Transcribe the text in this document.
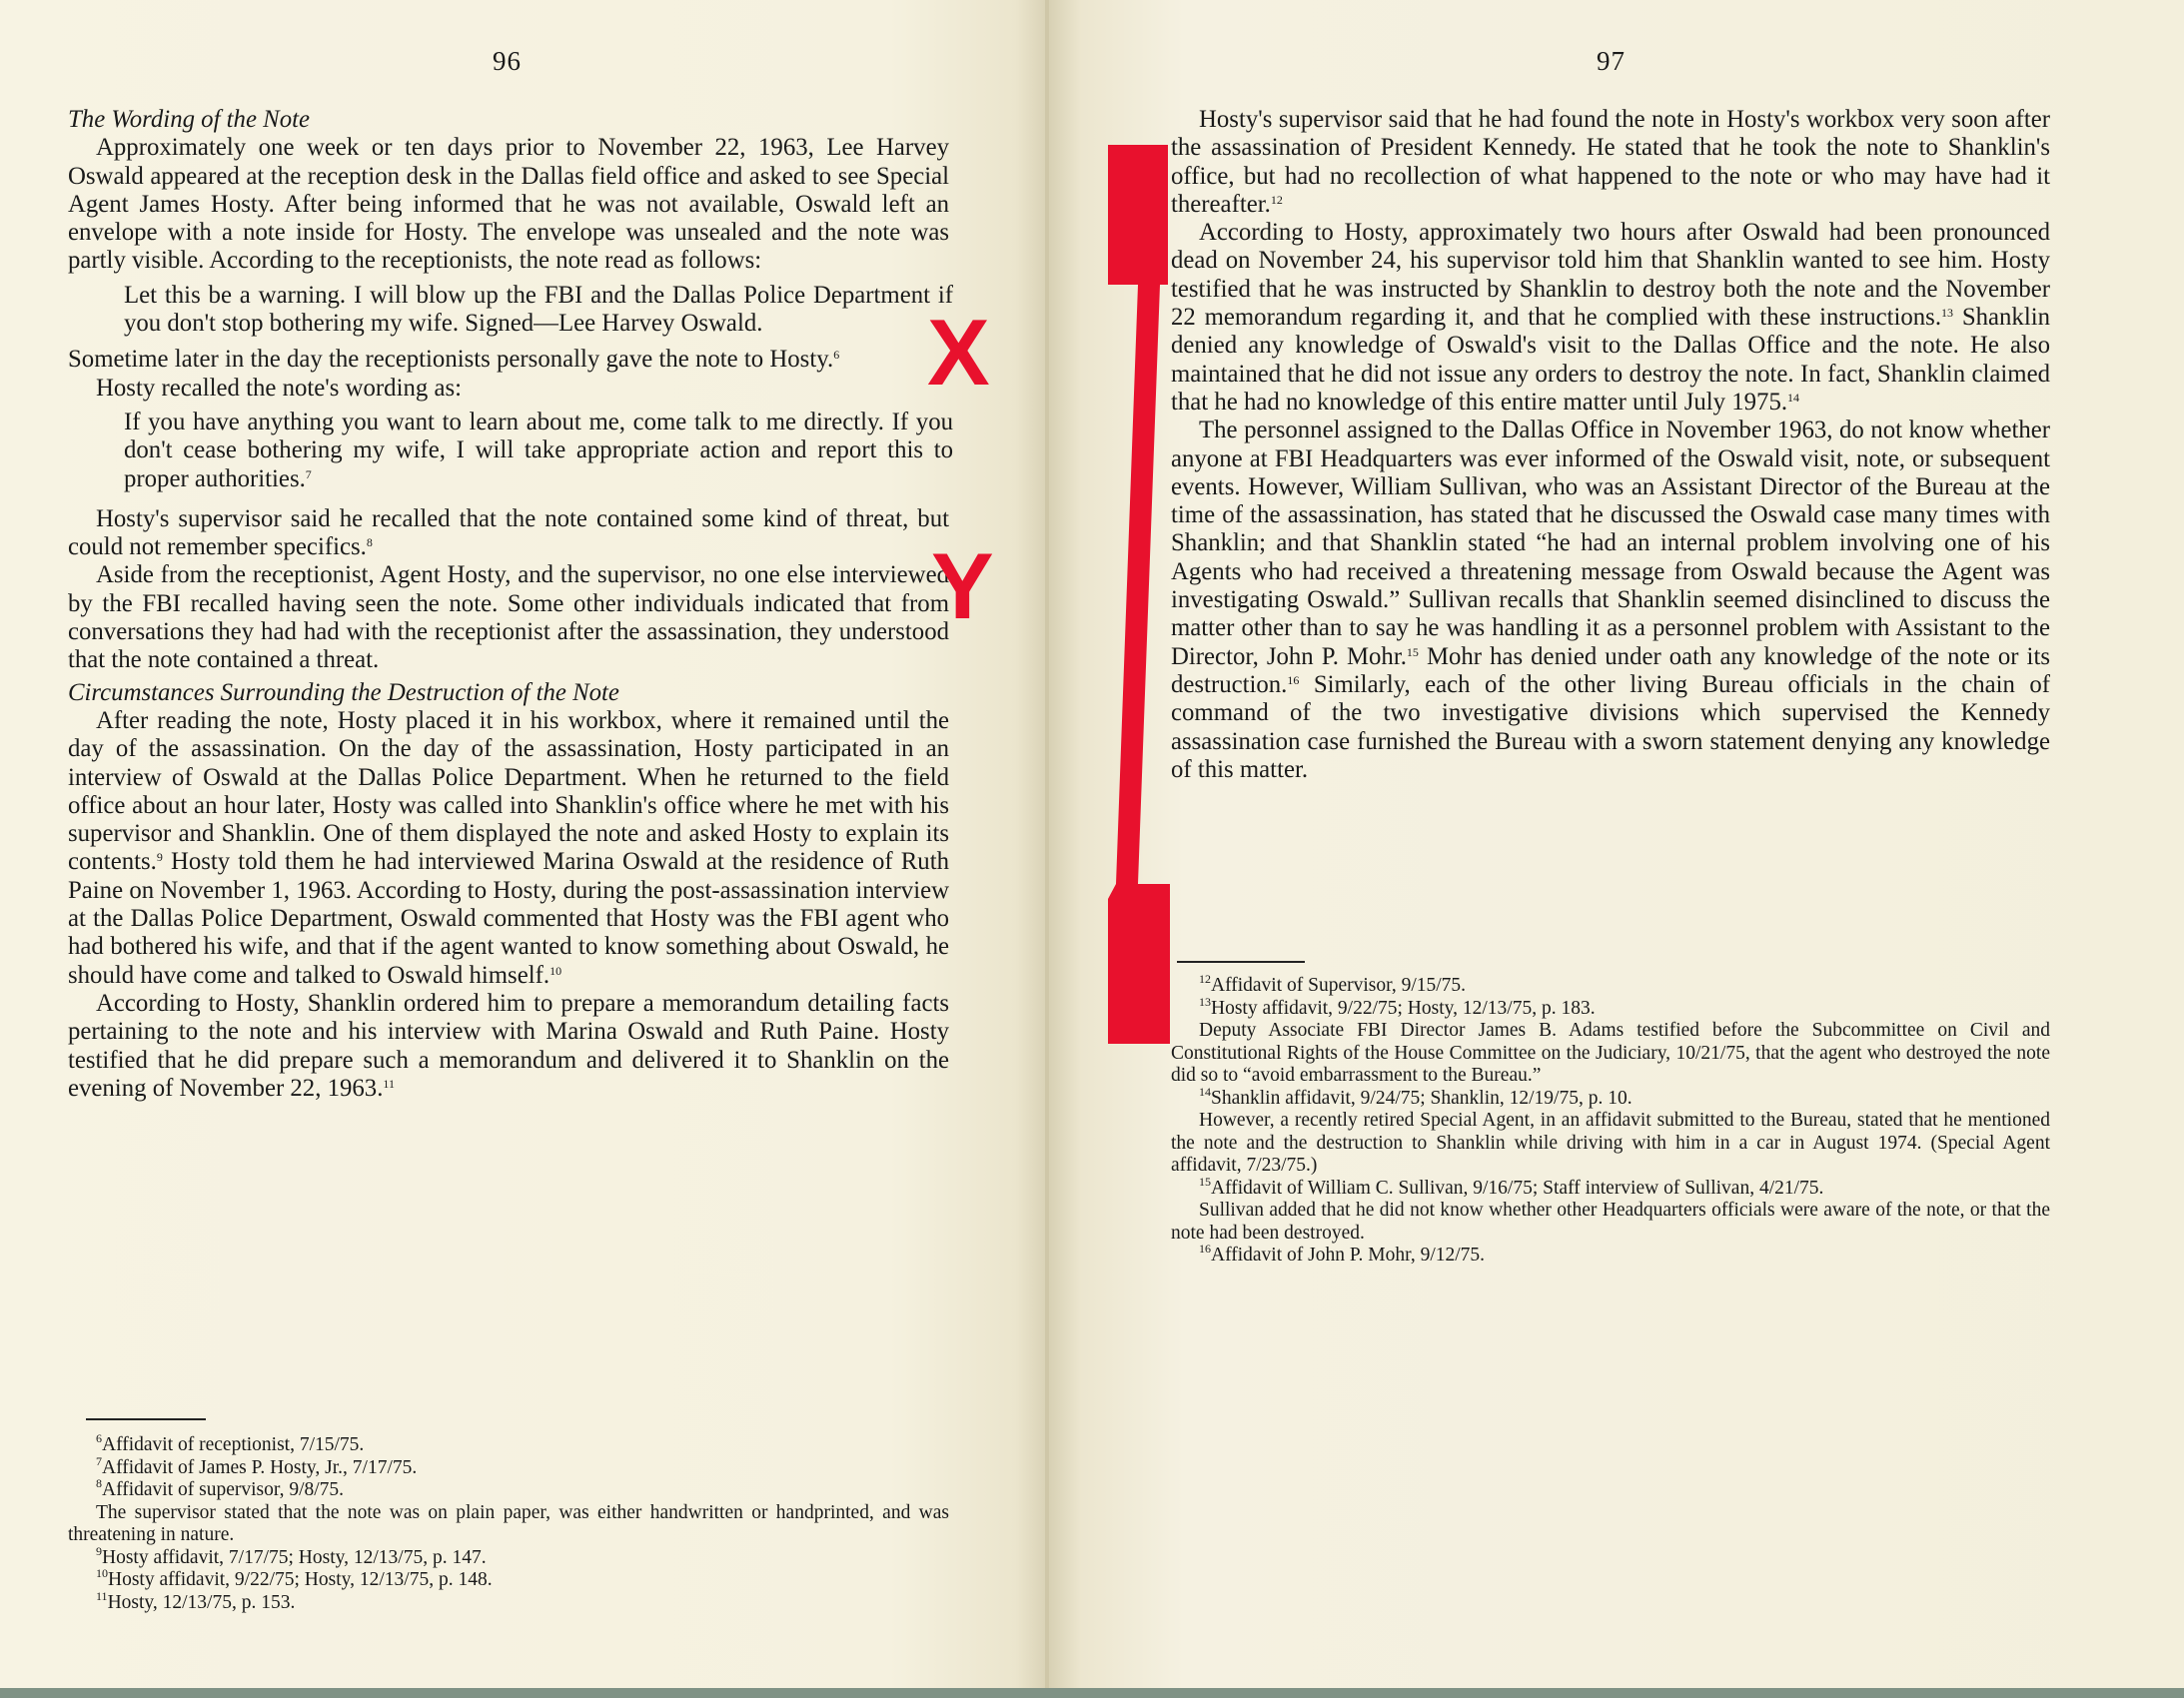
96

The Wording of the Note

Approximately one week or ten days prior to November 22, 1963, Lee Harvey Oswald appeared at the reception desk in the Dallas field office and asked to see Special Agent James Hosty. After being informed that he was not available, Oswald left an envelope with a note inside for Hosty. The envelope was unsealed and the note was partly visible. According to the receptionists, the note read as follows:

Let this be a warning. I will blow up the FBI and the Dallas Police Department if you don't stop bothering my wife. Signed—Lee Harvey Oswald.

Sometime later in the day the receptionists personally gave the note to Hosty.$^6$

Hosty recalled the note's wording as:

If you have anything you want to learn about me, come talk to me directly. If you don't cease bothering my wife, I will take appropriate action and report this to proper authorities.$^7$

Hosty's supervisor said he recalled that the note contained some kind of threat, but could not remember specifics.$^8$

Aside from the receptionist, Agent Hosty, and the supervisor, no one else interviewed by the FBI recalled having seen the note. Some other individuals indicated that from conversations they had had with the receptionist after the assassination, they understood that the note contained a threat.

Circumstances Surrounding the Destruction of the Note

After reading the note, Hosty placed it in his workbox, where it remained until the day of the assassination. On the day of the assassination, Hosty participated in an interview of Oswald at the Dallas Police Department. When he returned to the field office about an hour later, Hosty was called into Shanklin's office where he met with his supervisor and Shanklin. One of them displayed the note and asked Hosty to explain its contents.$^9$ Hosty told them he had interviewed Marina Oswald at the residence of Ruth Paine on November 1, 1963. According to Hosty, during the post-assassination interview at the Dallas Police Department, Oswald commented that Hosty was the FBI agent who had bothered his wife, and that if the agent wanted to know something about Oswald, he should have come and talked to Oswald himself.$^{10}$

According to Hosty, Shanklin ordered him to prepare a memorandum detailing facts pertaining to the note and his interview with Marina Oswald and Ruth Paine. Hosty testified that he did prepare such a memorandum and delivered it to Shanklin on the evening of November 22, 1963.11

$^6$Affidavit of receptionist, 7/15/75.

$^7$Affidavit of James P. Hosty, Jr., 7/17/75.

$^8$Affidavit of supervisor, 9/8/75.

The supervisor stated that the note was on plain paper, was either handwritten or handprinted, and was threatening in nature.

$^9$Hosty affidavit, 7/17/75; Hosty, 12/13/75, p. 147.

$^{10}$Hosty affidavit, 9/22/75; Hosty, 12/13/75, p. 148.

$^{11}$Hosty, 12/13/75, p. 153.

X
Y
97

Hosty's supervisor said that he had found the note in Hosty's workbox very soon after the assassination of President Kennedy. He stated that he took the note to Shanklin's office, but had no recollection of what happened to the note or who may have had it thereafter.$^{12}$

According to Hosty, approximately two hours after Oswald had been pronounced dead on November 24, his supervisor told him that Shanklin wanted to see him. Hosty testified that he was instructed by Shanklin to destroy both the note and the November 22 memorandum regarding it, and that he complied with these instructions.$^{13}$ Shanklin denied any knowledge of Oswald's visit to the Dallas Office and the note. He also maintained that he did not issue any orders to destroy the note. In fact, Shanklin claimed that he had no knowledge of this entire matter until July 1975.14

The personnel assigned to the Dallas Office in November 1963, do not know whether anyone at FBI Headquarters was ever informed of the Oswald visit, note, or subsequent events. However, William Sullivan, who was an Assistant Director of the Bureau at the time of the assassination, has stated that he discussed the Oswald case many times with Shanklin; and that Shanklin stated “he had an internal problem involving one of his Agents who had received a threatening message from Oswald because the Agent was investigating Oswald.” Sullivan recalls that Shanklin seemed disinclined to discuss the matter other than to say he was handling it as a personnel problem with Assistant to the Director, John P. Mohr.$^{15}$ Mohr has denied under oath any knowledge of the note or its destruction.$^{16}$ Similarly, each of the other living Bureau officials in the chain of command of the two investigative divisions which supervised the Kennedy assassination case furnished the Bureau with a sworn statement denying any knowledge of this matter.

$^{12}$Affidavit of Supervisor, 9/15/75.

$^{13}$Hosty affidavit, 9/22/75; Hosty, 12/13/75, p. 183.

Deputy Associate FBI Director James B. Adams testified before the Subcommittee on Civil and Constitutional Rights of the House Committee on the Judiciary, 10/21/75, that the agent who destroyed the note did so to “avoid embarrassment to the Bureau.”

$^{14}$Shanklin affidavit, 9/24/75; Shanklin, 12/19/75, p. 10.

However, a recently retired Special Agent, in an affidavit submitted to the Bureau, stated that he mentioned the note and the destruction to Shanklin while driving with him in a car in August 1974. (Special Agent affidavit, 7/23/75.)

$^{15}$Affidavit of William C. Sullivan, 9/16/75; Staff interview of Sullivan, 4/21/75.

Sullivan added that he did not know whether other Headquarters officials were aware of the note, or that the note had been destroyed.

$^{16}$Affidavit of John P. Mohr, 9/12/75.
